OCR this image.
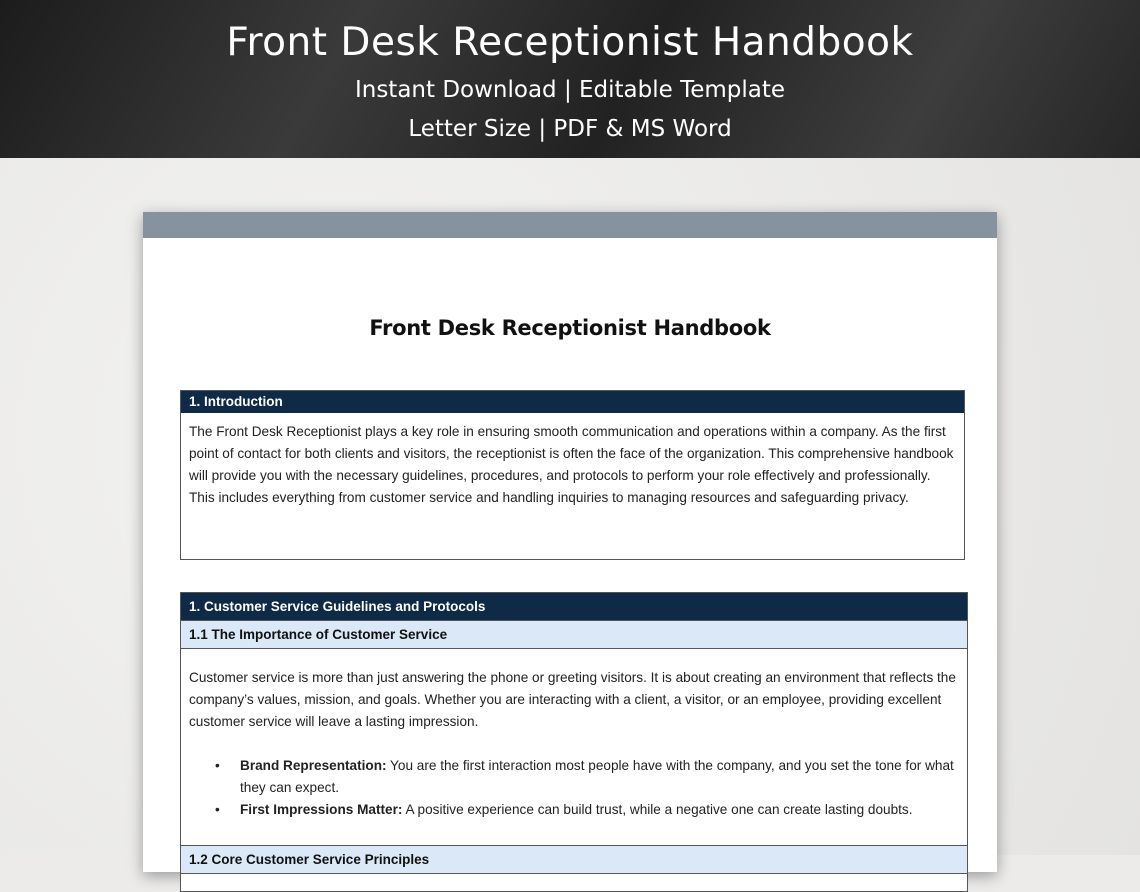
Front Desk Receptionist Handbook
Instant Download | Editable Template
Letter Size | PDF & MS Word
Front Desk Receptionist Handbook
1. Introduction
The Front Desk Receptionist plays a key role in ensuring smooth communication and operations within a company. As the first point of contact for both clients and visitors, the receptionist is often the face of the organization. This comprehensive handbook will provide you with the necessary guidelines, procedures, and protocols to perform your role effectively and professionally. This includes everything from customer service and handling inquiries to managing resources and safeguarding privacy.
1. Customer Service Guidelines and Protocols
1.1 The Importance of Customer Service
Customer service is more than just answering the phone or greeting visitors. It is about creating an environment that reflects the company’s values, mission, and goals. Whether you are interacting with a client, a visitor, or an employee, providing excellent customer service will leave a lasting impression.
• Brand Representation: You are the first interaction most people have with the company, and you set the tone for what they can expect.
• First Impressions Matter: A positive experience can build trust, while a negative one can create lasting doubts.
1.2 Core Customer Service Principles
